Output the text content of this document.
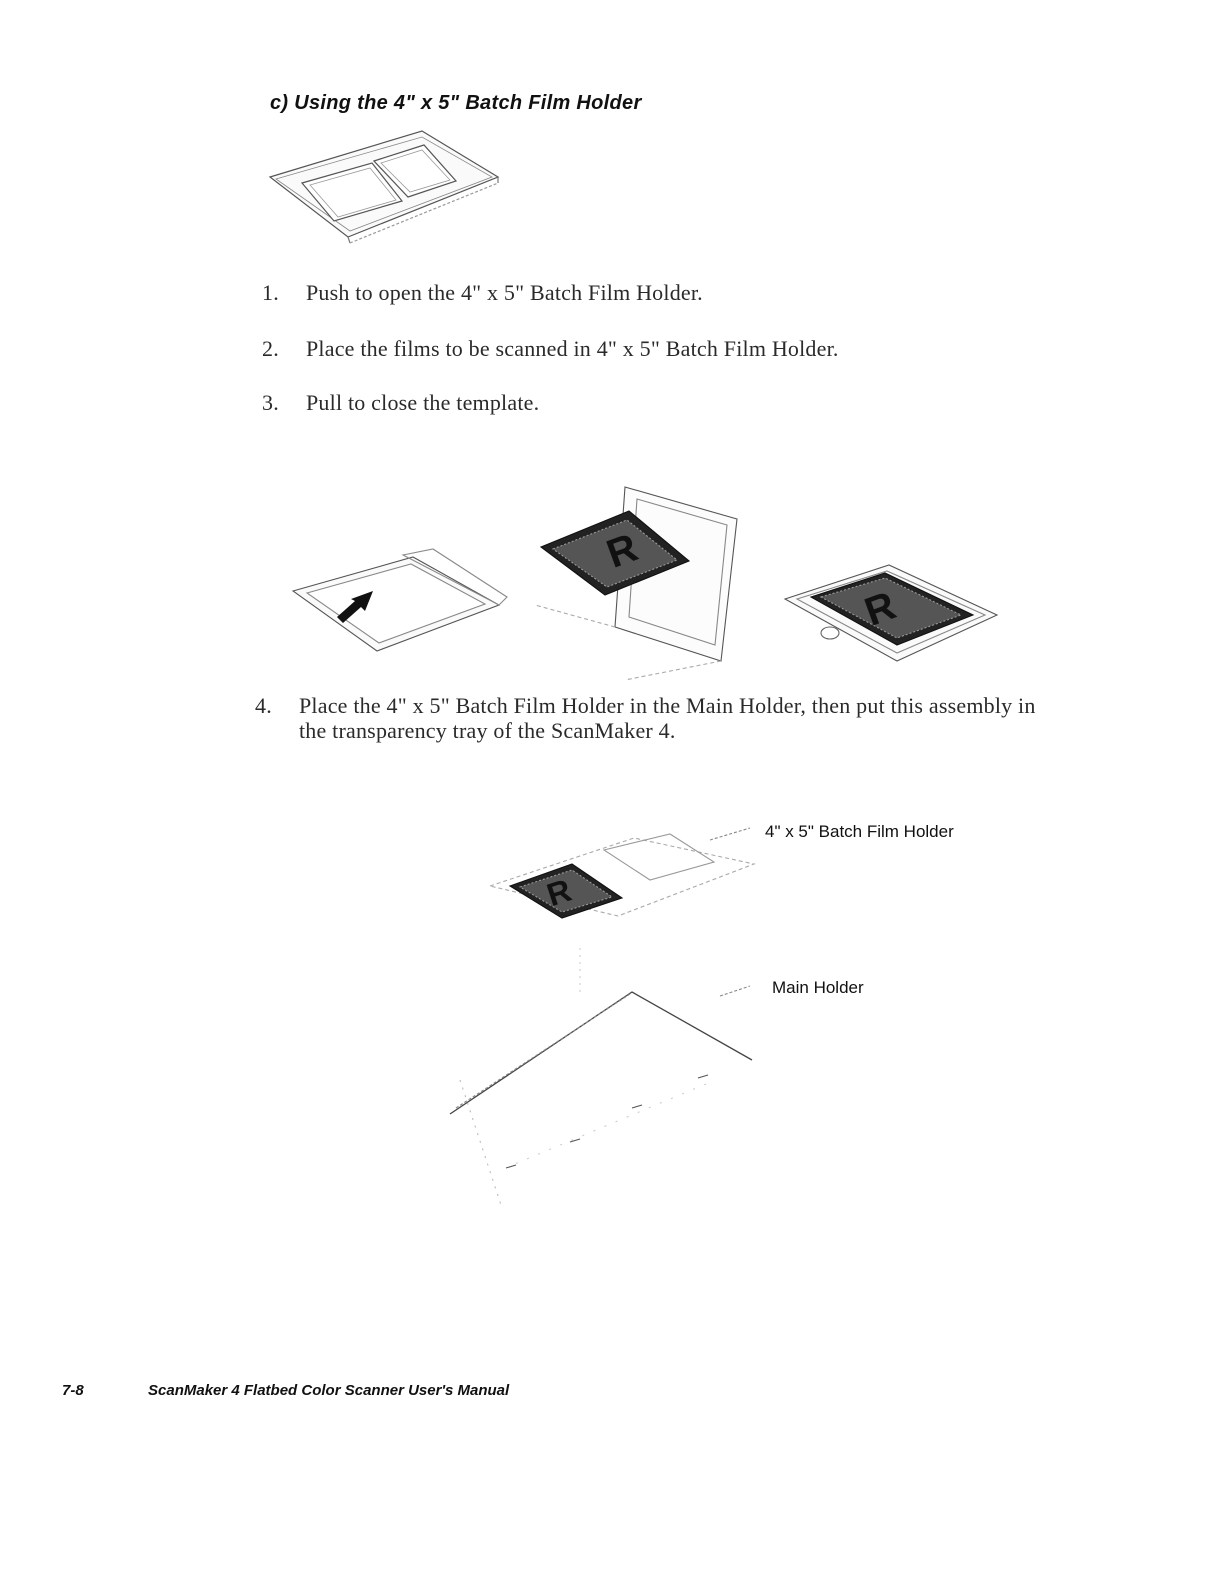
c) Using the 4" x 5" Batch Film Holder
1. Push to open the 4" x 5" Batch Film Holder.
2. Place the films to be scanned in 4" x 5" Batch Film Holder.
3. Pull to close the template.
R
R
4. Place the 4" x 5" Batch Film Holder in the Main Holder, then put this assembly in the transparency tray of the ScanMaker 4.
R
4" x 5" Batch Film Holder
Main Holder
7-8	ScanMaker 4 Flatbed Color Scanner User's Manual
